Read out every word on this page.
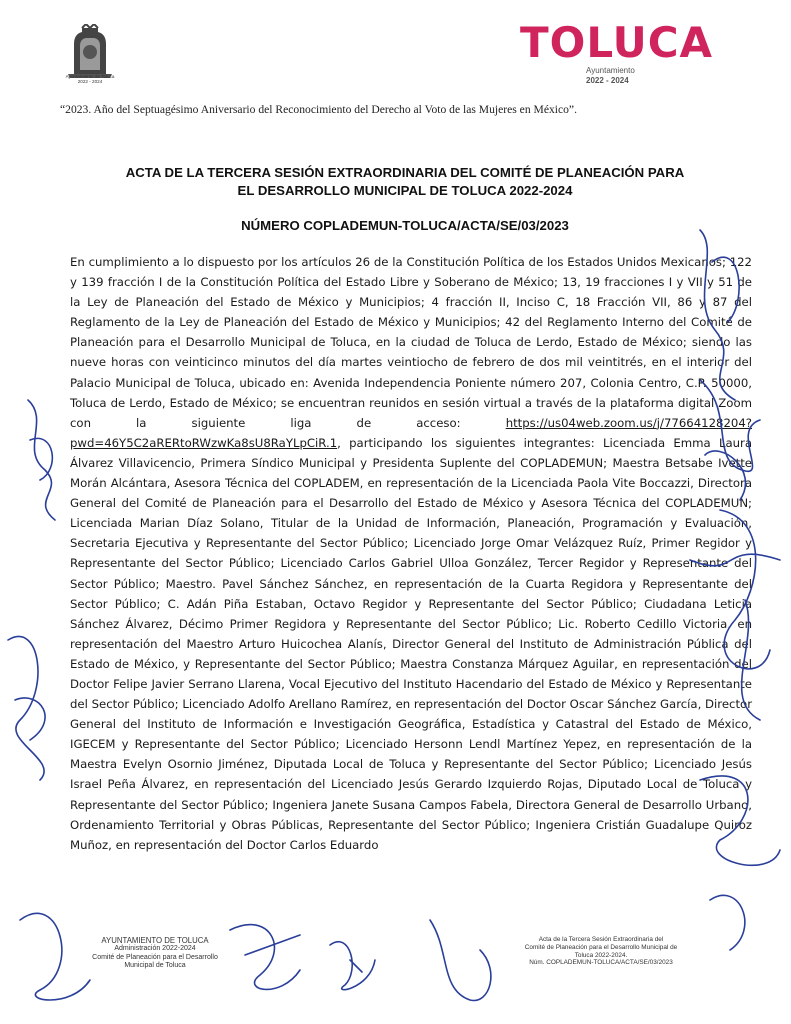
Ayuntamiento de Toluca
2022 - 2024
TOLUCA
Ayuntamiento
2022 - 2024
“2023. Año del Septuagésimo Aniversario del Reconocimiento del Derecho al Voto de las Mujeres en México”.
ACTA DE LA TERCERA SESIÓN EXTRAORDINARIA DEL COMITÉ DE PLANEACIÓN PARA
EL DESARROLLO MUNICIPAL DE TOLUCA 2022-2024
NÚMERO COPLADEMUN-TOLUCA/ACTA/SE/03/2023

En cumplimiento a lo dispuesto por los artículos 26 de la Constitución Política de los Estados Unidos Mexicanos; 122 y 139 fracción I de la Constitución Política del Estado Libre y Soberano de México; 13, 19 fracciones I y VII y 51 de la Ley de Planeación del Estado de México y Municipios; 4 fracción II, Inciso C, 18 Fracción VII, 86 y 87 del Reglamento de la Ley de Planeación del Estado de México y Municipios; 42 del Reglamento Interno del Comité de Planeación para el Desarrollo Municipal de Toluca, en la ciudad de Toluca de Lerdo, Estado de México; siendo las nueve horas con veinticinco minutos del día martes veintiocho de febrero de dos mil veintitrés, en el interior del Palacio Municipal de Toluca, ubicado en: Avenida Independencia Poniente número 207, Colonia Centro, C.P. 50000, Toluca de Lerdo, Estado de México; se encuentran reunidos en sesión virtual a través de la plataforma digital Zoom con la siguiente liga de acceso:	https://us04web.zoom.us/j/77664128204?pwd=46Y5C2aRERtoRWzwKa8sU8RaYLpCiR.1, participando los siguientes integrantes: Licenciada Emma Laura Álvarez Villavicencio, Primera Síndico Municipal y Presidenta Suplente del COPLADEMUN; Maestra Betsabe Ivette Morán Alcántara, Asesora Técnica del COPLADEM, en representación de la Licenciada Paola Vite Boccazzi, Directora General del Comité de Planeación para el Desarrollo del Estado de México y Asesora Técnica del COPLADEMUN; Licenciada Marian Díaz Solano, Titular de la Unidad de Información, Planeación, Programación y Evaluación, Secretaria Ejecutiva y Representante del Sector Público; Licenciado Jorge Omar Velázquez Ruíz, Primer Regidor y Representante del Sector Público; Licenciado Carlos Gabriel Ulloa González, Tercer Regidor y Representante del Sector Público; Maestro. Pavel Sánchez Sánchez, en representación de la Cuarta Regidora y Representante del Sector Público; C. Adán Piña Estaban, Octavo Regidor y Representante del Sector Público; Ciudadana Leticia Sánchez Álvarez, Décimo Primer Regidora y Representante del Sector Público; Lic. Roberto Cedillo Victoria, en representación del Maestro Arturo Huicochea Alanís, Director General del Instituto de Administración Pública del Estado de México, y Representante del Sector Público; Maestra Constanza Márquez Aguilar, en representación del Doctor Felipe Javier Serrano Llarena, Vocal Ejecutivo del Instituto Hacendario del Estado de México y Representante del Sector Público; Licenciado Adolfo Arellano Ramírez, en representación del Doctor Oscar Sánchez García, Director General del Instituto de Información e Investigación Geográfica, Estadística y Catastral del Estado de México, IGECEM y Representante del Sector Público; Licenciado Hersonn Lendl Martínez Yepez, en representación de la Maestra Evelyn Osornio Jiménez, Diputada Local de Toluca y Representante del Sector Público; Licenciado Jesús Israel Peña Álvarez, en representación del Licenciado Jesús Gerardo Izquierdo Rojas, Diputado Local de Toluca y Representante del Sector Público; Ingeniera Janete Susana Campos Fabela, Directora General de Desarrollo Urbano, Ordenamiento Territorial y Obras Públicas, Representante del Sector Público; Ingeniera Cristián Guadalupe Quiroz Muñoz, en representación del Doctor Carlos Eduardo

AYUNTAMIENTO DE TOLUCA
Administración 2022-2024
Comité de Planeación para el Desarrollo
Municipal de Toluca
Acta de la Tercera Sesión Extraordinaria del
Comité de Planeación para el Desarrollo Municipal de
Toluca 2022-2024.
Núm. COPLADEMUN-TOLUCA/ACTA/SE/03/2023
